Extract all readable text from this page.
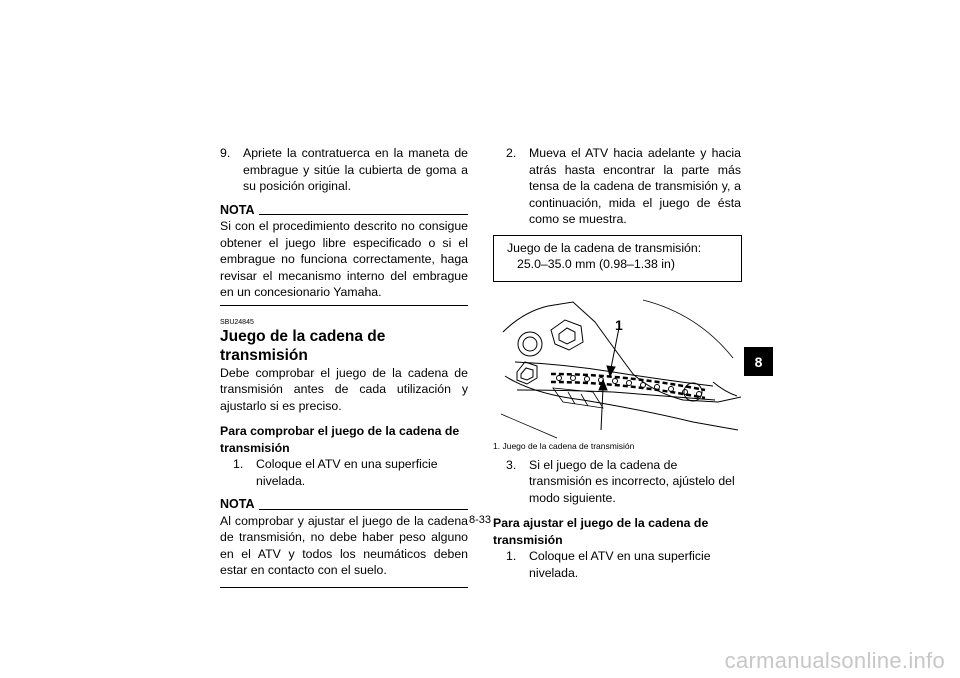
9. Apriete la contratuerca en la maneta de embrague y sitúe la cubierta de goma a su posición original.
NOTA

Si con el procedimiento descrito no consigue obtener el juego libre especificado o si el embrague no funciona correctamente, haga revisar el mecanismo interno del embrague en un concesionario Yamaha.

SBU24845
Juego de la cadena de transmisión

Debe comprobar el juego de la cadena de transmisión antes de cada utilización y ajustarlo si es preciso.

Para comprobar el juego de la cadena de transmisión

1. Coloque el ATV en una superficie nivelada.
NOTA

Al comprobar y ajustar el juego de la cadena de transmisión, no debe haber peso alguno en el ATV y todos los neumáticos deben estar en contacto con el suelo.

2. Mueva el ATV hacia adelante y hacia atrás hasta encontrar la parte más tensa de la cadena de transmisión y, a continuación, mida el juego de ésta como se muestra.
Juego de la cadena de transmisión:
25.0–35.0 mm (0.98–1.38 in)
1
1. Juego de la cadena de transmisión
3. Si el juego de la cadena de transmisión es incorrecto, ajústelo del modo siguiente.

Para ajustar el juego de la cadena de transmisión

1. Coloque el ATV en una superficie nivelada.
8
8-33
carmanualsonline.info
